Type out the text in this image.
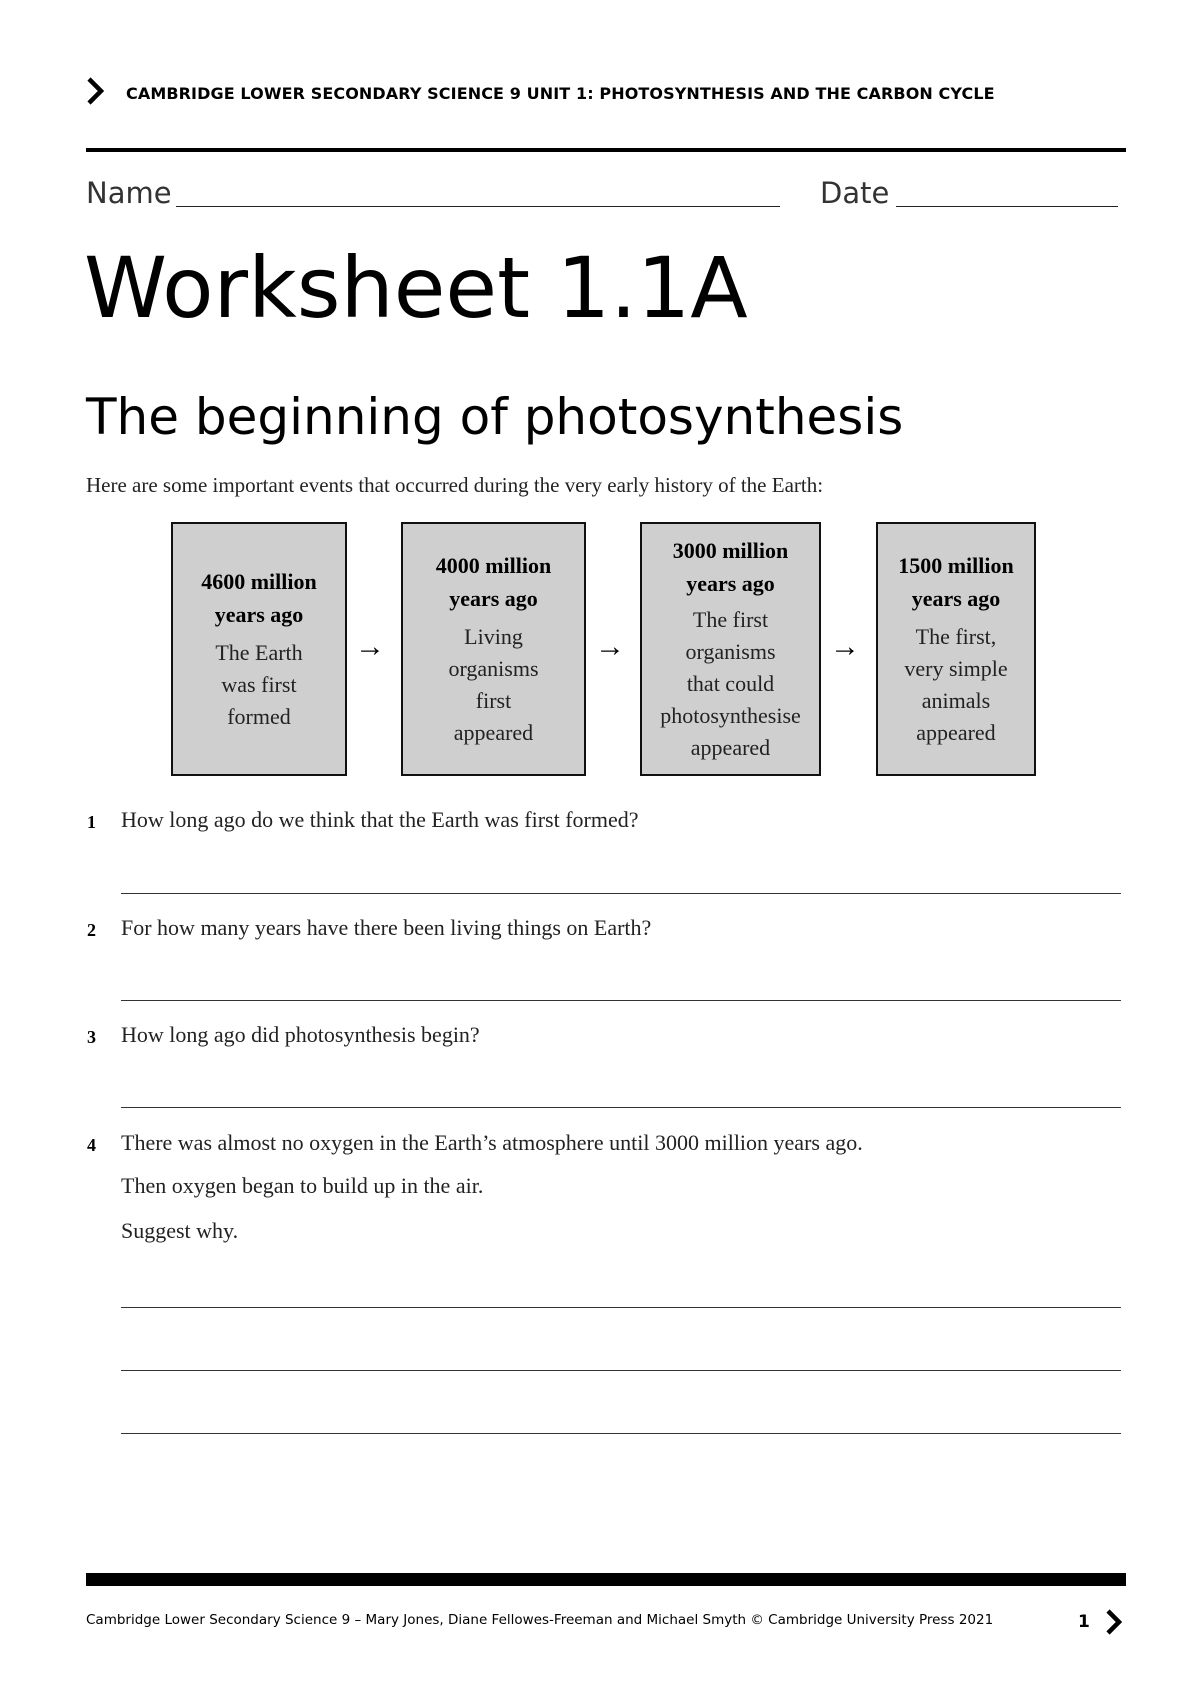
CAMBRIDGE LOWER SECONDARY SCIENCE 9 UNIT 1: PHOTOSYNTHESIS AND THE CARBON CYCLE
Name	Date
Worksheet 1.1A
The beginning of photosynthesis
Here are some important events that occurred during the very early history of the Earth:
4600 million
years ago
The Earth
was first
formed
→
4000 million
years ago
Living
organisms
first
appeared
→
3000 million
years ago
The first
organisms
that could
photosynthesise
appeared
→
1500 million
years ago
The first,
very simple
animals
appeared
1 How long ago do we think that the Earth was first formed?
2 For how many years have there been living things on Earth?
3 How long ago did photosynthesis begin?
4 There was almost no oxygen in the Earth’s atmosphere until 3000 million years ago.
Then oxygen began to build up in the air.
Suggest why.
Cambridge Lower Secondary Science 9 – Mary Jones, Diane Fellowes-Freeman and Michael Smyth © Cambridge University Press 2021	1
